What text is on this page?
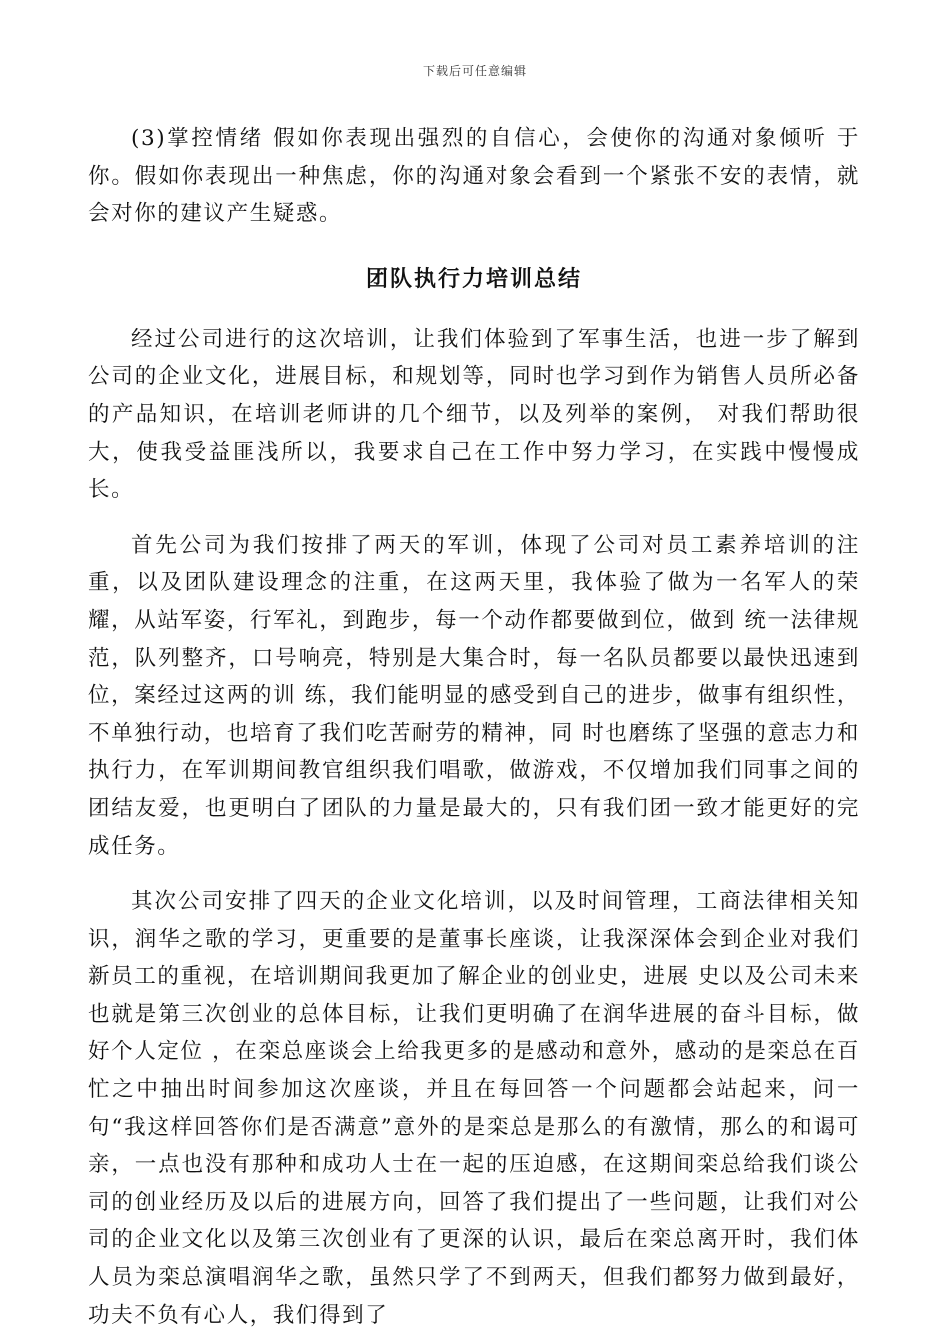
下载后可任意编辑

(3)掌控情绪 假如你表现出强烈的自信心，会使你的沟通对象倾听 于你。假如你表现出一种焦虑，你的沟通对象会看到一个紧张不安的表情，就会对你的建议产生疑惑。

团队执行力培训总结

经过公司进行的这次培训，让我们体验到了军事生活，也进一步了解到公司的企业文化，进展目标，和规划等，同时也学习到作为销售人员所必备的产品知识，在培训老师讲的几个细节，以及列举的案例， 对我们帮助很大，使我受益匪浅所以，我要求自己在工作中努力学习，在实践中慢慢成长。

首先公司为我们按排了两天的军训，体现了公司对员工素养培训的注重，以及团队建设理念的注重，在这两天里，我体验了做为一名军人的荣耀，从站军姿，行军礼，到跑步，每一个动作都要做到位，做到 统一法律规范，队列整齐，口号响亮，特别是大集合时，每一名队员都要以最快迅速到位，案经过这两的训 练，我们能明显的感受到自己的进步，做事有组织性，不单独行动，也培育了我们吃苦耐劳的精神，同 时也磨练了坚强的意志力和执行力，在军训期间教官组织我们唱歌，做游戏，不仅增加我们同事之间的 团结友爱，也更明白了团队的力量是最大的，只有我们团一致才能更好的完成任务。

其次公司安排了四天的企业文化培训，以及时间管理，工商法律相关知识，润华之歌的学习，更重要的是董事长座谈，让我深深体会到企业对我们新员工的重视，在培训期间我更加了解企业的创业史，进展 史以及公司未来也就是第三次创业的总体目标，让我们更明确了在润华进展的奋斗目标，做好个人定位 ，在栾总座谈会上给我更多的是感动和意外，感动的是栾总在百忙之中抽出时间参加这次座谈，并且在每回答一个问题都会站起来，问一句“我这样回答你们是否满意”意外的是栾总是那么的有激情，那么的和谒可亲，一点也没有那种和成功人士在一起的压迫感，在这期间栾总给我们谈公司的创业经历及以后的进展方向，回答了我们提出了一些问题，让我们对公司的企业文化以及第三次创业有了更深的认识，最后在栾总离开时，我们体人员为栾总演唱润华之歌，虽然只学了不到两天，但我们都努力做到最好，功夫不负有心人，我们得到了
